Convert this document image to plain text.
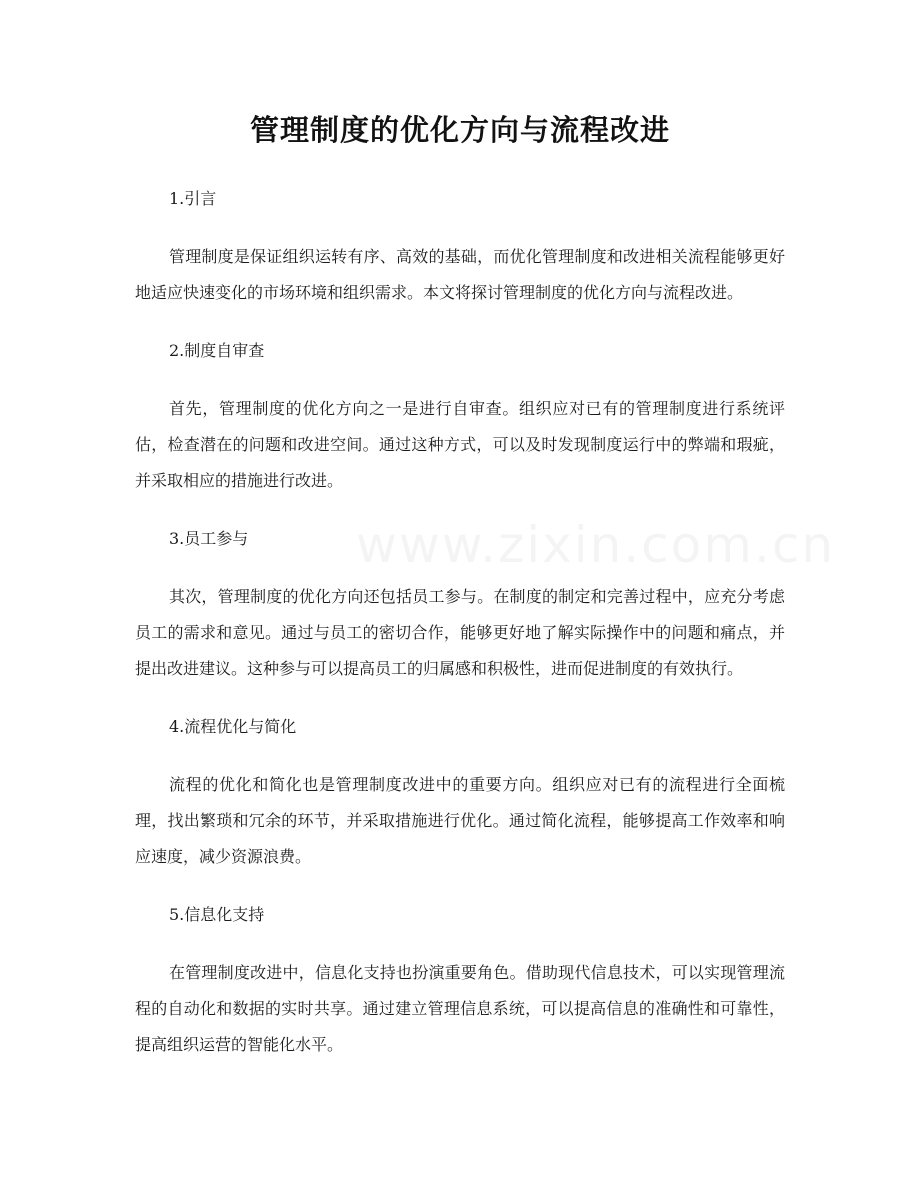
管理制度的优化方向与流程改进

1.引言

管理制度是保证组织运转有序、高效的基础，而优化管理制度和改进相关流程能够更好地适应快速变化的市场环境和组织需求。本文将探讨管理制度的优化方向与流程改进。

2.制度自审查

首先，管理制度的优化方向之一是进行自审查。组织应对已有的管理制度进行系统评估，检查潜在的问题和改进空间。通过这种方式，可以及时发现制度运行中的弊端和瑕疵，并采取相应的措施进行改进。

3.员工参与

其次，管理制度的优化方向还包括员工参与。在制度的制定和完善过程中，应充分考虑员工的需求和意见。通过与员工的密切合作，能够更好地了解实际操作中的问题和痛点，并提出改进建议。这种参与可以提高员工的归属感和积极性，进而促进制度的有效执行。

4.流程优化与简化

流程的优化和简化也是管理制度改进中的重要方向。组织应对已有的流程进行全面梳理，找出繁琐和冗余的环节，并采取措施进行优化。通过简化流程，能够提高工作效率和响应速度，减少资源浪费。

5.信息化支持

在管理制度改进中，信息化支持也扮演重要角色。借助现代信息技术，可以实现管理流程的自动化和数据的实时共享。通过建立管理信息系统，可以提高信息的准确性和可靠性，提高组织运营的智能化水平。
